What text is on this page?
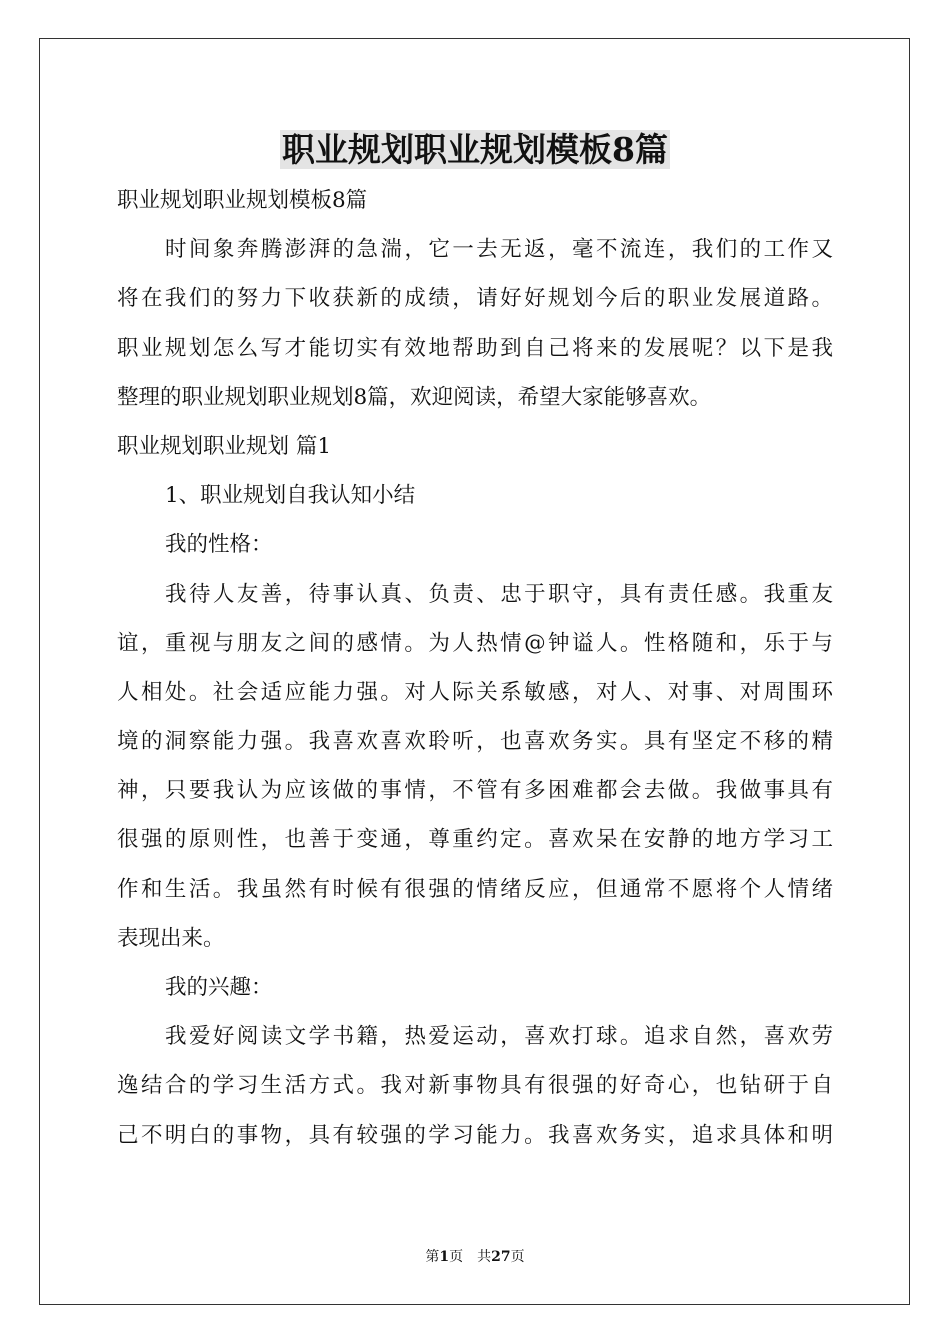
职业规划职业规划模板8篇
职业规划职业规划模板8篇
时间象奔腾澎湃的急湍，它一去无返，毫不流连，我们的工作又
将在我们的努力下收获新的成绩，请好好规划今后的职业发展道路。
职业规划怎么写才能切实有效地帮助到自己将来的发展呢？以下是我
整理的职业规划职业规划8篇，欢迎阅读，希望大家能够喜欢。
职业规划职业规划 篇1
1、职业规划自我认知小结
我的性格：
我待人友善，待事认真、负责、忠于职守，具有责任感。我重友
谊，重视与朋友之间的感情。为人热情@钟谥人。性格随和，乐于与
人相处。社会适应能力强。对人际关系敏感，对人、对事、对周围环
境的洞察能力强。我喜欢喜欢聆听，也喜欢务实。具有坚定不移的精
神，只要我认为应该做的事情，不管有多困难都会去做。我做事具有
很强的原则性，也善于变通，尊重约定。喜欢呆在安静的地方学习工
作和生活。我虽然有时候有很强的情绪反应，但通常不愿将个人情绪
表现出来。
我的兴趣：
我爱好阅读文学书籍，热爱运动，喜欢打球。追求自然，喜欢劳
逸结合的学习生活方式。我对新事物具有很强的好奇心，也钻研于自
己不明白的事物，具有较强的学习能力。我喜欢务实，追求具体和明
第1页　共27页
